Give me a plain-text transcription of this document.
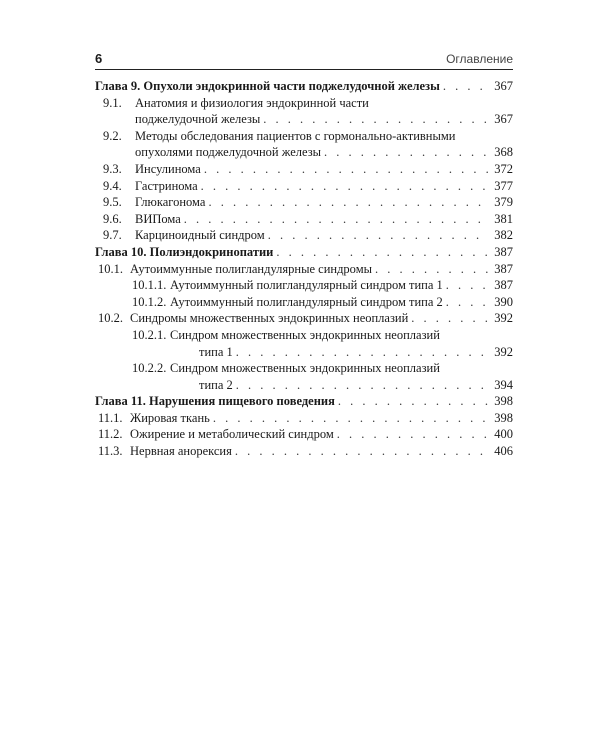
6	Оглавление
Глава 9. Опухоли эндокринной части поджелудочной железы . . .	367
9.1.	Анатомия и физиология эндокринной части
поджелудочной железы . . .	367
9.2.	Методы обследования пациентов с гормонально-активными
опухолями поджелудочной железы . . .	368
9.3.	Инсулинома . . .	372
9.4.	Гастринома . . .	377
9.5.	Глюкагонома . . .	379
9.6.	ВИПома . . .	381
9.7.	Карциноидный синдром . . .	382
Глава 10. Полиэндокринопатии . . .	387
10.1. Аутоиммунные полигландулярные синдромы . . .	387
10.1.1. Аутоиммунный полигландулярный синдром типа 1 . . .	387
10.1.2. Аутоиммунный полигландулярный синдром типа 2 . . .	390
10.2. Синдромы множественных эндокринных неоплазий . . .	392
10.2.1. Синдром множественных эндокринных неоплазий
типа 1 . . .	392
10.2.2. Синдром множественных эндокринных неоплазий
типа 2 . . .	394
Глава 11. Нарушения пищевого поведения . . .	398
11.1. Жировая ткань . . .	398
11.2. Ожирение и метаболический синдром . . .	400
11.3. Нервная анорексия . . .	406
